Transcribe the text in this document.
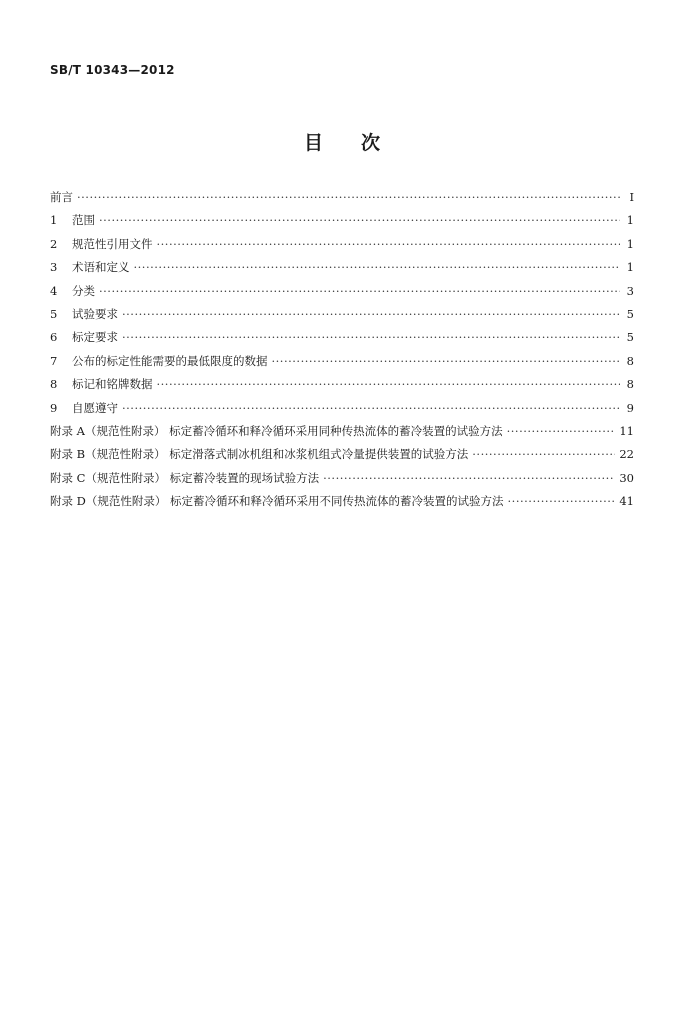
SB/T 10343—2012
目 次
前言 ·····	Ⅰ
1	范围 ·····	1
2	规范性引用文件 ·····	1
3	术语和定义 ·····	1
4	分类 ·····	3
5	试验要求 ·····	5
6	标定要求 ·····	5
7	公布的标定性能需要的最低限度的数据 ·····	8
8	标记和铭牌数据 ·····	8
9	自愿遵守 ·····	9
附录 A（规范性附录） 标定蓄冷循环和释冷循环采用同种传热流体的蓄冷装置的试验方法 ·····	11
附录 B（规范性附录） 标定滑落式制冰机组和冰浆机组式冷量提供装置的试验方法 ·····	22
附录 C（规范性附录） 标定蓄冷装置的现场试验方法 ·····	30
附录 D（规范性附录） 标定蓄冷循环和释冷循环采用不同传热流体的蓄冷装置的试验方法 ·····	41
